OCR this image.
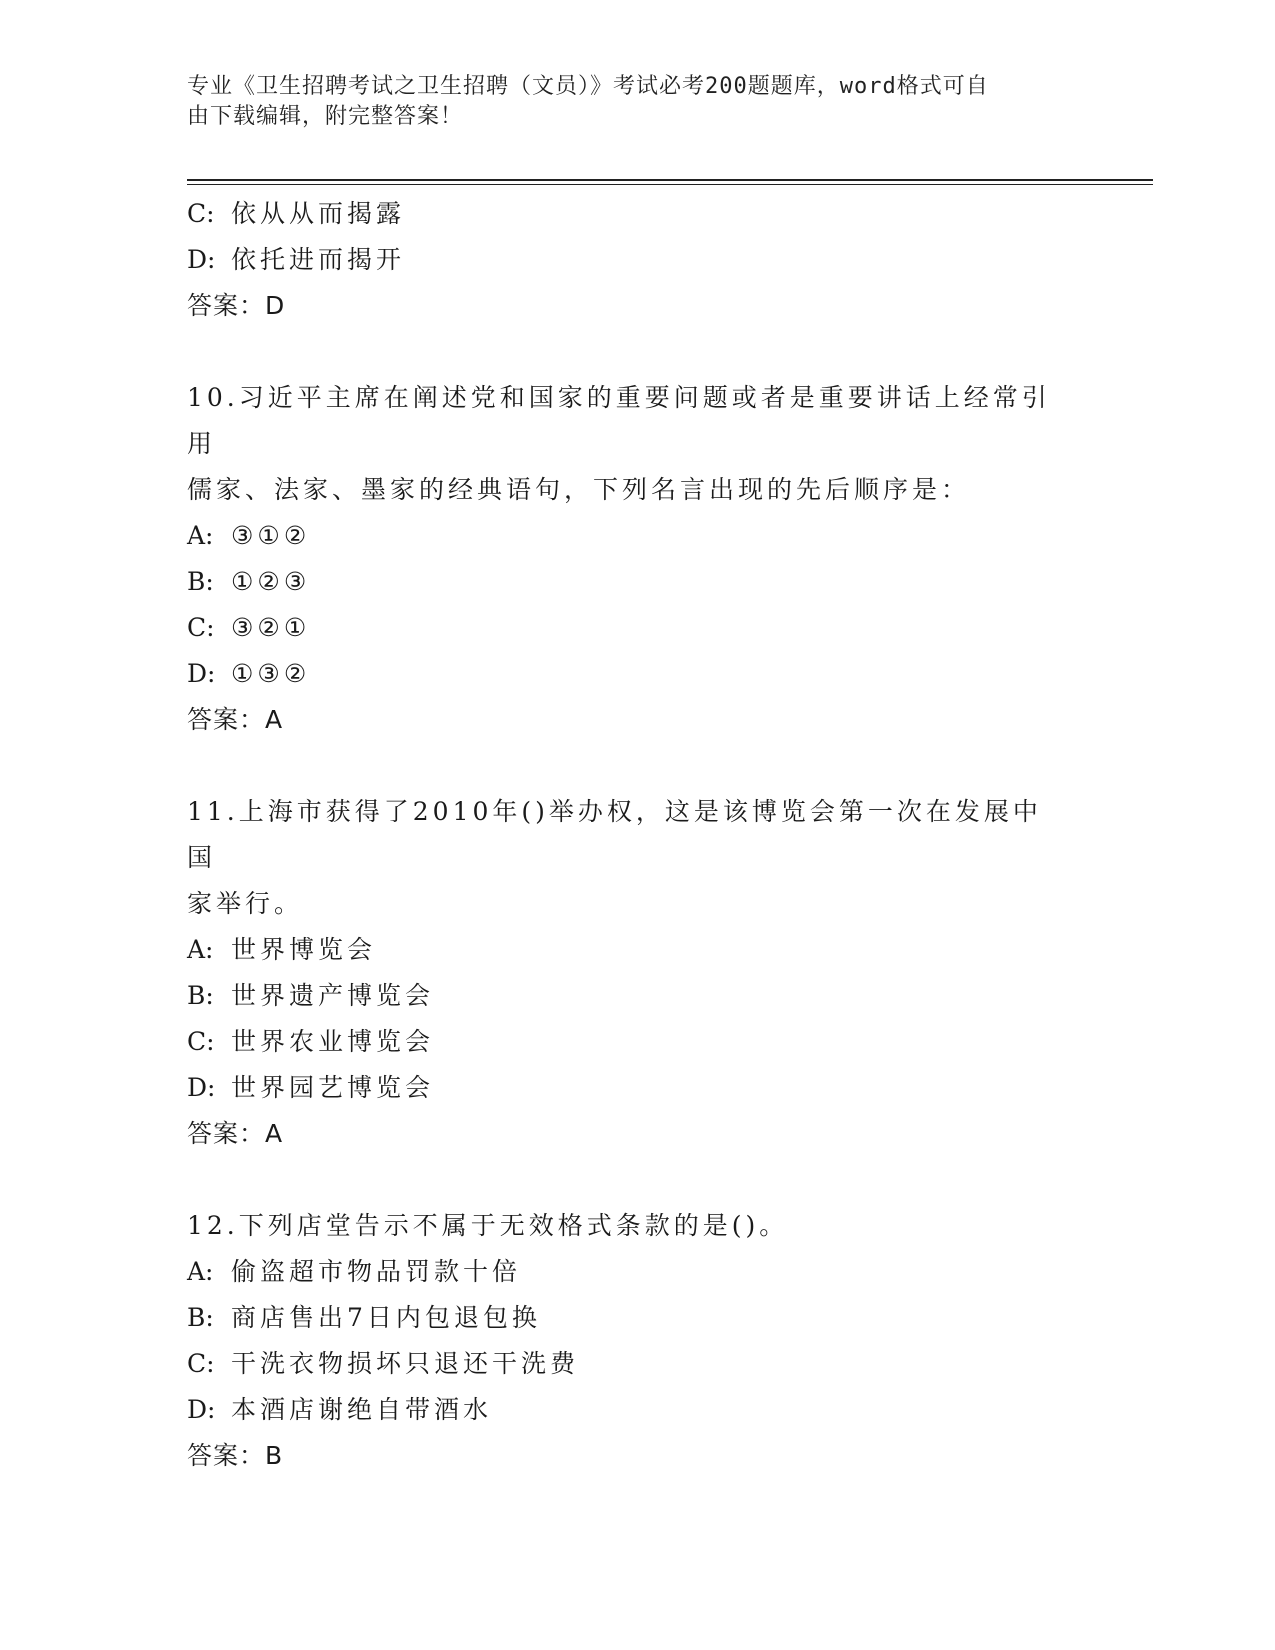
专业《卫生招聘考试之卫生招聘（文员）》考试必考200题题库，word格式可自
由下载编辑，附完整答案！
C: 依从从而揭露
D: 依托进而揭开
答案：D
10.习近平主席在阐述党和国家的重要问题或者是重要讲话上经常引用
儒家、法家、墨家的经典语句，下列名言出现的先后顺序是：
A: ③①②
B: ①②③
C: ③②①
D: ①③②
答案：A
11.上海市获得了2010年()举办权，这是该博览会第一次在发展中国
家举行。
A: 世界博览会
B: 世界遗产博览会
C: 世界农业博览会
D: 世界园艺博览会
答案：A
12.下列店堂告示不属于无效格式条款的是()。
A: 偷盗超市物品罚款十倍
B: 商店售出7日内包退包换
C: 干洗衣物损坏只退还干洗费
D: 本酒店谢绝自带酒水
答案：B
